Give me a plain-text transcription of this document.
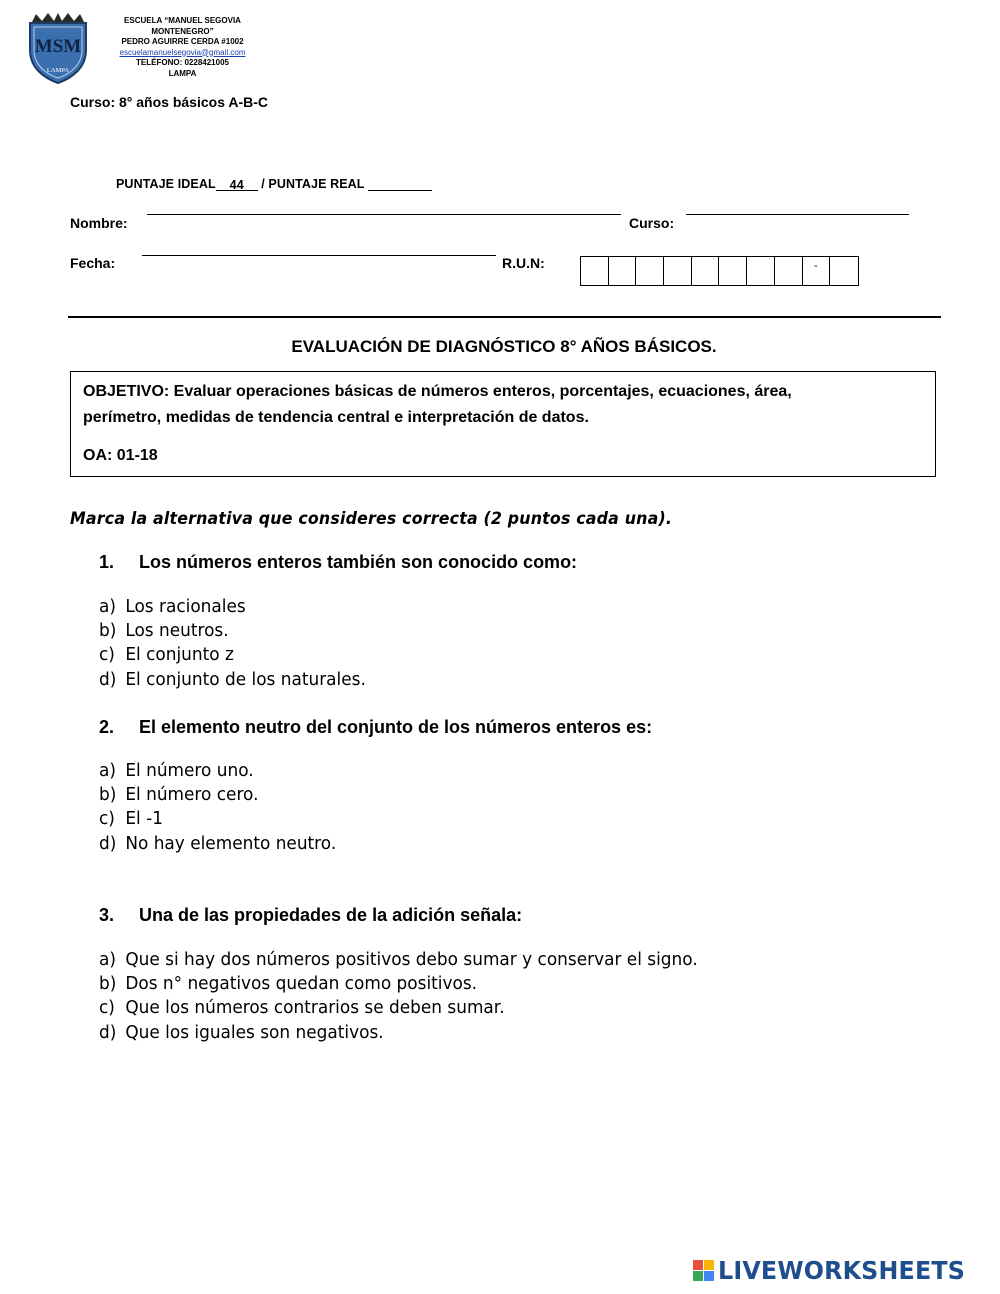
MSM
LAMPA
ESCUELA “MANUEL SEGOVIA
MONTENEGRO”
PEDRO AGUIRRE CERDA #1002
escuelamanuelsegovia@gmail.com
TELÉFONO: 0228421005
LAMPA
Curso: 8° años básicos A-B-C
PUNTAJE IDEAL 44 / PUNTAJE REAL
Nombre:	Curso:
Fecha:	R.U.N:	-
EVALUACIÓN DE DIAGNÓSTICO 8° AÑOS BÁSICOS.
OBJETIVO: Evaluar operaciones básicas de números enteros, porcentajes, ecuaciones, área,
perímetro, medidas de tendencia central e interpretación de datos.
OA: 01-18
Marca la alternativa que consideres correcta (2 puntos cada una).
1. Los números enteros también son conocido como:
a) Los racionales
b) Los neutros.
c) El conjunto z
d) El conjunto de los naturales.
2. El elemento neutro del conjunto de los números enteros es:
a) El número uno.
b) El número cero.
c) El -1
d) No hay elemento neutro.
3. Una de las propiedades de la adición señala:
a) Que si hay dos números positivos debo sumar y conservar el signo.
b) Dos n° negativos quedan como positivos.
c) Que los números contrarios se deben sumar.
d) Que los iguales son negativos.
LIVEWORKSHEETS
